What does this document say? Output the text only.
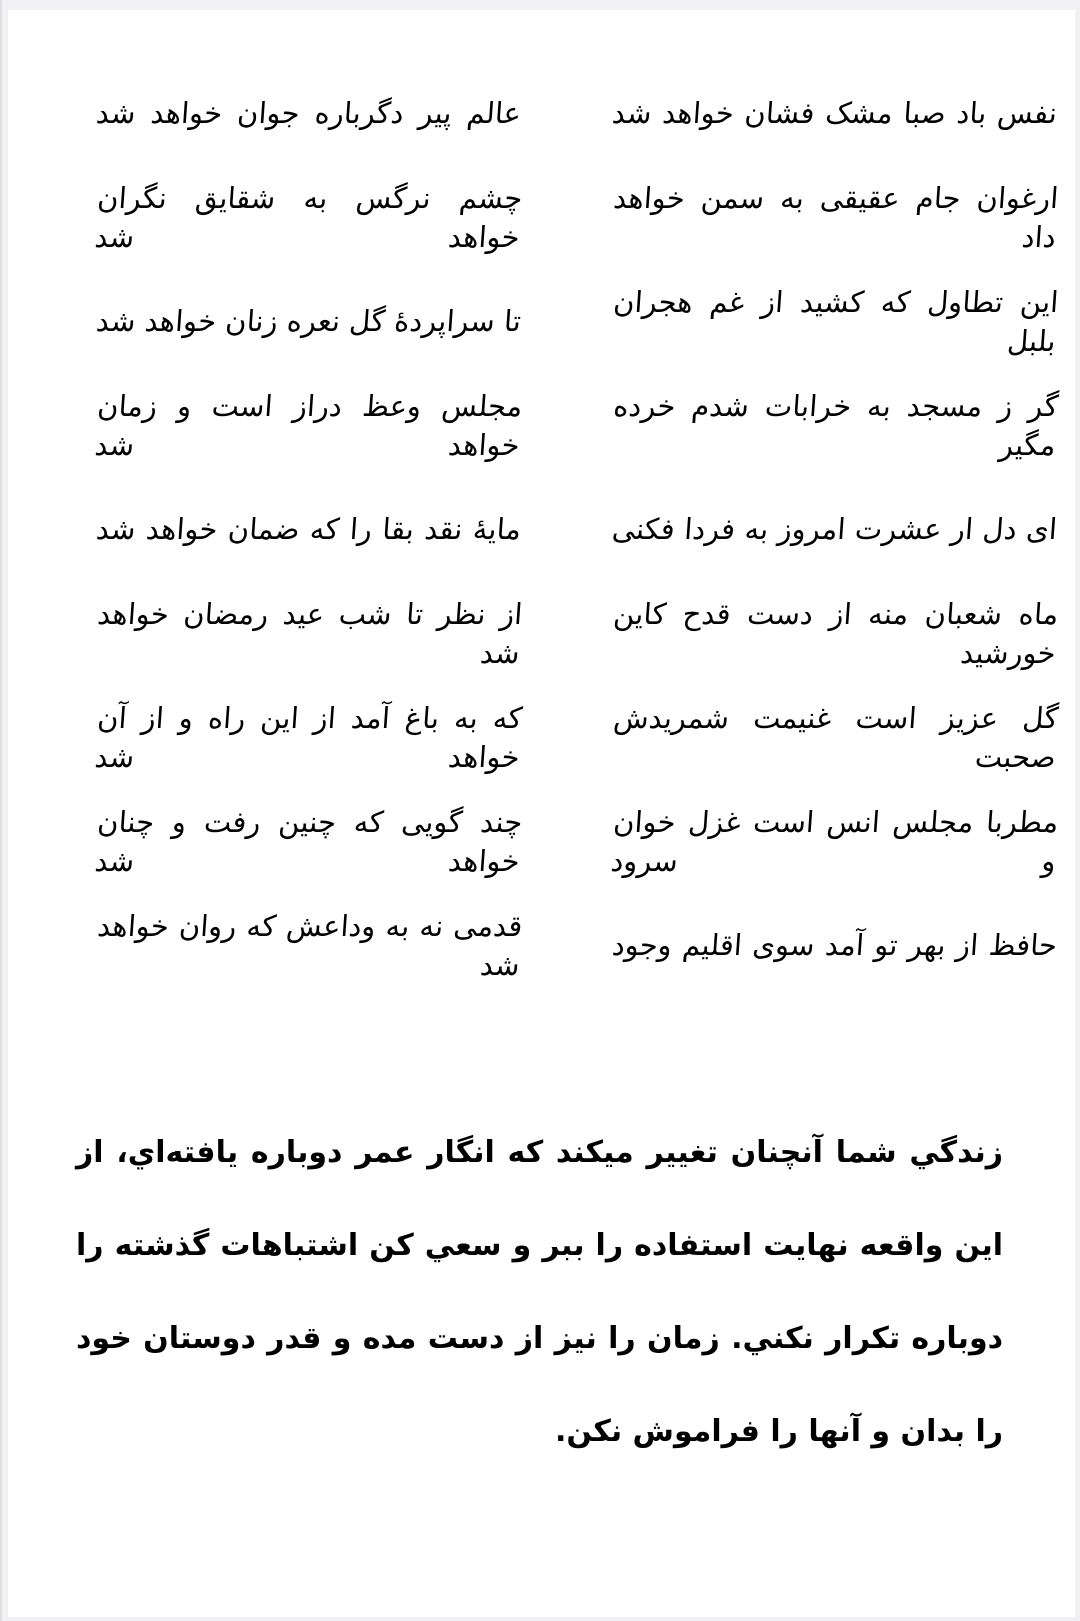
نفس باد صبا مشک فشان خواهد شد
عالم پیر دگرباره جوان خواهد شد
ارغوان جام عقیقی به سمن خواهد داد
چشم نرگس به شقایق نگران خواهد شد
این تطاول که کشید از غم هجران بلبل
تا سراپردهٔ گل نعره زنان خواهد شد
گر ز مسجد به خرابات شدم خرده مگیر
مجلس وعظ دراز است و زمان خواهد شد
ای دل ار عشرت امروز به فردا فکنی
مایهٔ نقد بقا را که ضمان خواهد شد
ماه شعبان منه از دست قدح کاین خورشید
از نظر تا شب عید رمضان خواهد شد
گل عزیز است غنیمت شمریدش صحبت
که به باغ آمد از این راه و از آن خواهد شد
مطربا مجلس انس است غزل خوان و سرود
چند گویی که چنین رفت و چنان خواهد شد
حافظ از بهر تو آمد سوی اقلیم وجود
قدمی نه به وداعش که روان خواهد شد
زندگي شما آنچنان تغيير ميكند كه انگار عمر دوباره يافته‌اي، از
اين واقعه نهايت استفاده را ببر و سعي كن اشتباهات گذشته را
دوباره تكرار نكني. زمان را نيز از دست مده و قدر دوستان خود
را بدان و آنها را فراموش نكن.
